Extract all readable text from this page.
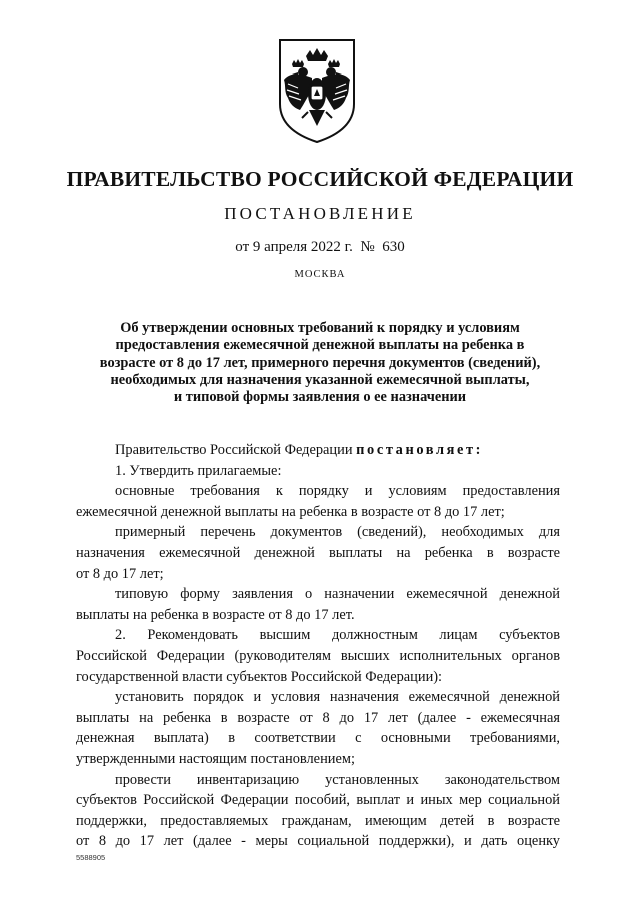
ПРАВИТЕЛЬСТВО РОССИЙСКОЙ ФЕДЕРАЦИИ
ПОСТАНОВЛЕНИЕ
от 9 апреля 2022 г.  №  630
МОСКВА
Об утверждении основных требований к порядку и условиям
предоставления ежемесячной денежной выплаты на ребенка в
возрасте от 8 до 17 лет, примерного перечня документов (сведений),
необходимых для назначения указанной ежемесячной выплаты,
и типовой формы заявления о ее назначении
Правительство Российской Федерации постановляет:
1. Утвердить прилагаемые:
основные требования к порядку и условиям предоставления
ежемесячной денежной выплаты на ребенка в возрасте от 8 до 17 лет;
примерный перечень документов (сведений), необходимых для
назначения ежемесячной денежной выплаты на ребенка в возрасте
от 8 до 17 лет;
типовую форму заявления о назначении ежемесячной денежной
выплаты на ребенка в возрасте от 8 до 17 лет.
2. Рекомендовать высшим должностным лицам субъектов
Российской Федерации (руководителям высших исполнительных органов
государственной власти субъектов Российской Федерации):
установить порядок и условия назначения ежемесячной денежной
выплаты на ребенка в возрасте от 8 до 17 лет (далее - ежемесячная
денежная выплата) в соответствии с основными требованиями,
утвержденными настоящим постановлением;
провести инвентаризацию установленных законодательством
субъектов Российской Федерации пособий, выплат и иных мер социальной
поддержки, предоставляемых гражданам, имеющим детей в возрасте
от 8 до 17 лет (далее - меры социальной поддержки), и дать оценку
5588905
